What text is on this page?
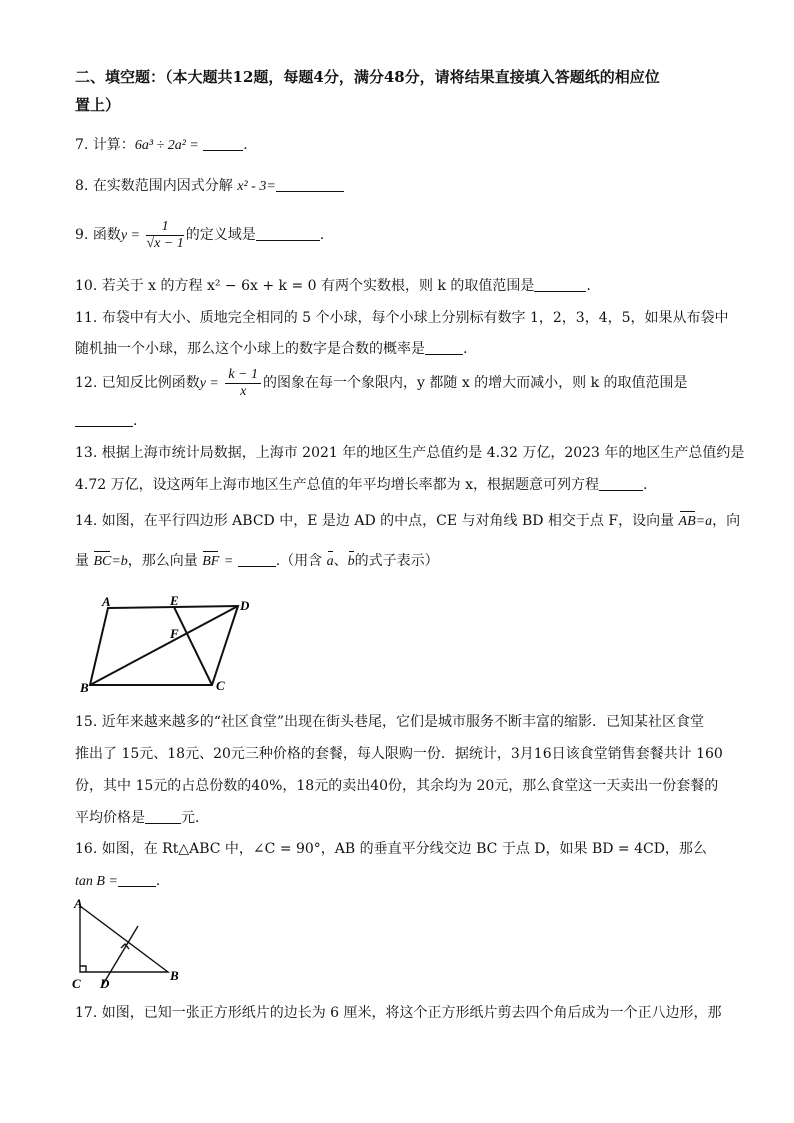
二、填空题：（本大题共12题，每题4分，满分48分，请将结果直接填入答题纸的相应位
置上）
7. 计算：6a³ ÷ 2a² =	.
8. 在实数范围内因式分解 x² - 3=
9. 函数$y = \frac{1}{√x - 1}$ 的定义域是	.
10. 若关于 x 的方程 x² − 6x + k = 0 有两个实数根，则 k 的取值范围是	.
11. 布袋中有大小、质地完全相同的 5 个小球，每个小球上分别标有数字 1，2，3，4，5，如果从布袋中
随机抽一个小球，那么这个小球上的数字是合数的概率是	.
12. 已知反比例函数$y = \frac{k - 1}{x}$ 的图象在每一个象限内，y 都随 x 的增大而减小，则 k 的取值范围是
.
13. 根据上海市统计局数据，上海市 2021 年的地区生产总值约是 4.32 万亿，2023 年的地区生产总值约是
4.72 万亿，设这两年上海市地区生产总值的年平均增长率都为 x，根据题意可列方程	.
14. 如图，在平行四边形 ABCD 中，E 是边 AD 的中点，CE 与对角线 BD 相交于点 F，设向量 AB=a，向
量 BC=b，那么向量 BF =	.（用含 a、b的式子表示）
A	E	D
F
B	C
15. 近年来越来越多的“社区食堂”出现在街头巷尾，它们是城市服务不断丰富的缩影．已知某社区食堂
推出了 15元、18元、20元三种价格的套餐，每人限购一份．据统计，3月16日该食堂销售套餐共计 160
份，其中 15元的占总份数的40%，18元的卖出40份，其余均为 20元，那么食堂这一天卖出一份套餐的
平均价格是	元．
16. 如图，在 Rt△ABC 中，∠C = 90°，AB 的垂直平分线交边 BC 于点 D，如果 BD = 4CD，那么
tan B =	.
A
C D
B
17. 如图，已知一张正方形纸片的边长为 6 厘米，将这个正方形纸片剪去四个角后成为一个正八边形，那
